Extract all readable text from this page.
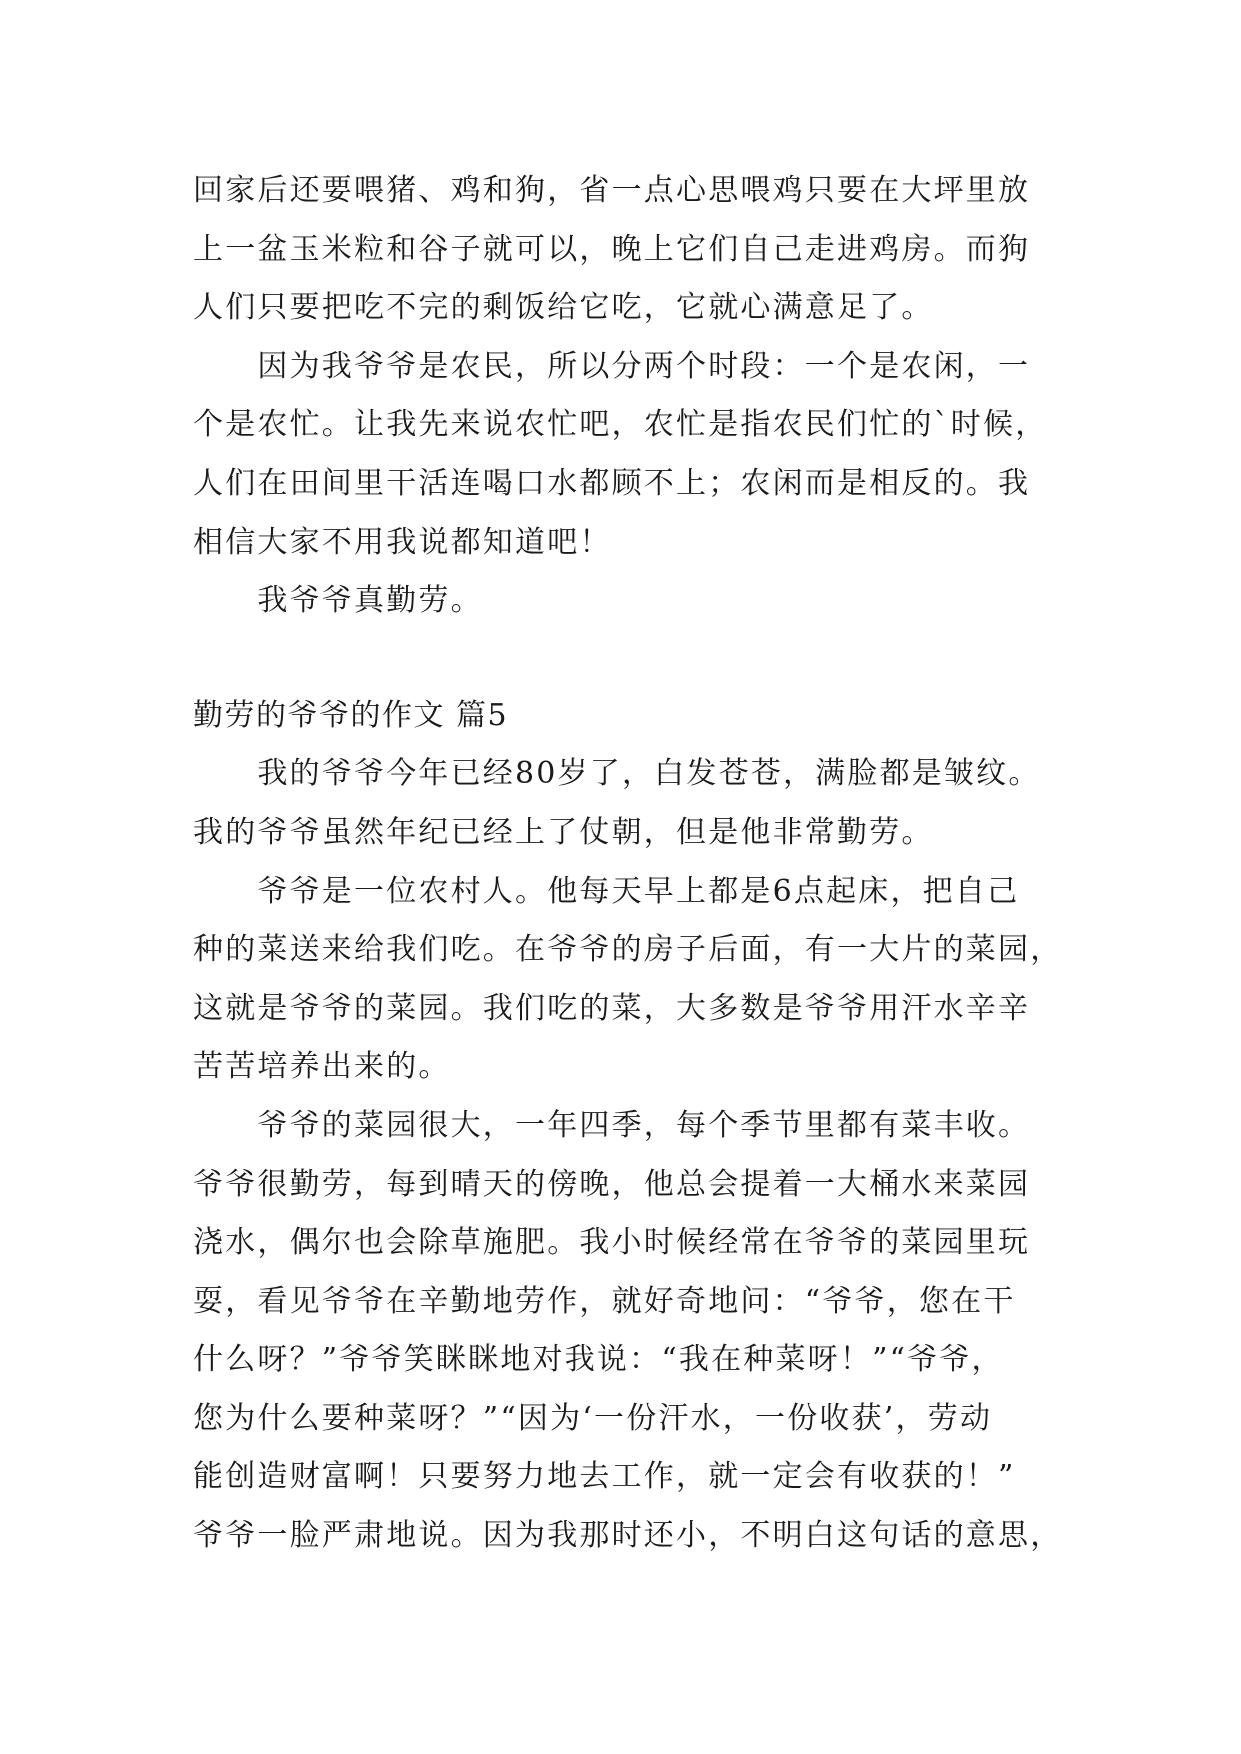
回家后还要喂猪、鸡和狗，省一点心思喂鸡只要在大坪里放
上一盆玉米粒和谷子就可以，晚上它们自己走进鸡房。而狗
人们只要把吃不完的剩饭给它吃，它就心满意足了。
　　因为我爷爷是农民，所以分两个时段：一个是农闲，一
个是农忙。让我先来说农忙吧，农忙是指农民们忙的`时候，
人们在田间里干活连喝口水都顾不上；农闲而是相反的。我
相信大家不用我说都知道吧！
　　我爷爷真勤劳。
勤劳的爷爷的作文 篇5
　　我的爷爷今年已经80岁了，白发苍苍，满脸都是皱纹。
我的爷爷虽然年纪已经上了仗朝，但是他非常勤劳。
　　爷爷是一位农村人。他每天早上都是6点起床，把自己
种的菜送来给我们吃。在爷爷的房子后面，有一大片的菜园，
这就是爷爷的菜园。我们吃的菜，大多数是爷爷用汗水辛辛
苦苦培养出来的。
　　爷爷的菜园很大，一年四季，每个季节里都有菜丰收。
爷爷很勤劳，每到晴天的傍晚，他总会提着一大桶水来菜园
浇水，偶尔也会除草施肥。我小时候经常在爷爷的菜园里玩
耍，看见爷爷在辛勤地劳作，就好奇地问：“爷爷，您在干
什么呀？”爷爷笑眯眯地对我说：“我在种菜呀！”“爷爷，
您为什么要种菜呀？”“因为‘一份汗水，一份收获’，劳动
能创造财富啊！只要努力地去工作，就一定会有收获的！”
爷爷一脸严肃地说。因为我那时还小，不明白这句话的意思，
